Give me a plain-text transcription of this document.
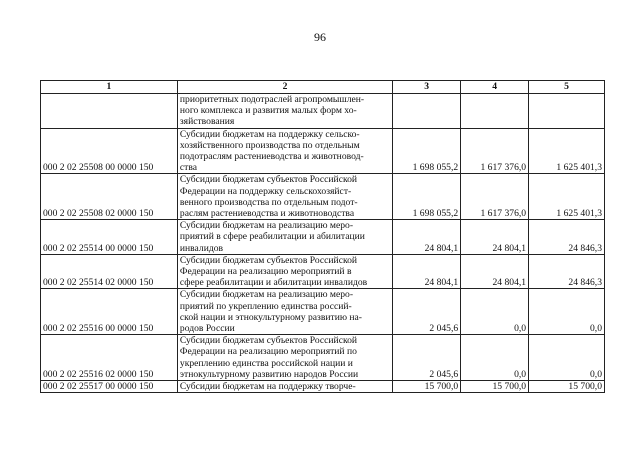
96
1	2	3	4	5
	приоритетных подотраслей агропромышлен-
ного комплекса и развития малых форм хо-
зяйствования			
000 2 02 25508 00 0000 150	Субсидии бюджетам на поддержку сельско-
хозяйственного производства по отдельным
подотраслям растениеводства и животновод-
ства	1 698 055,2	1 617 376,0	1 625 401,3
000 2 02 25508 02 0000 150	Субсидии бюджетам субъектов Российской
Федерации на поддержку сельскохозяйст-
венного производства по отдельным подот-
раслям растениеводства и животноводства	1 698 055,2	1 617 376,0	1 625 401,3
000 2 02 25514 00 0000 150	Субсидии бюджетам на реализацию меро-
приятий в сфере реабилитации и абилитации
инвалидов	24 804,1	24 804,1	24 846,3
000 2 02 25514 02 0000 150	Субсидии бюджетам субъектов Российской
Федерации на реализацию мероприятий в
сфере реабилитации и абилитации инвалидов	24 804,1	24 804,1	24 846,3
000 2 02 25516 00 0000 150	Субсидии бюджетам на реализацию меро-
приятий по укреплению единства россий-
ской нации и этнокультурному развитию на-
родов России	2 045,6	0,0	0,0
000 2 02 25516 02 0000 150	Субсидии бюджетам субъектов Российской
Федерации на реализацию мероприятий по
укреплению единства российской нации и
этнокультурному развитию народов России	2 045,6	0,0	0,0
000 2 02 25517 00 0000 150	Субсидии бюджетам на поддержку творче-	15 700,0	15 700,0	15 700,0
